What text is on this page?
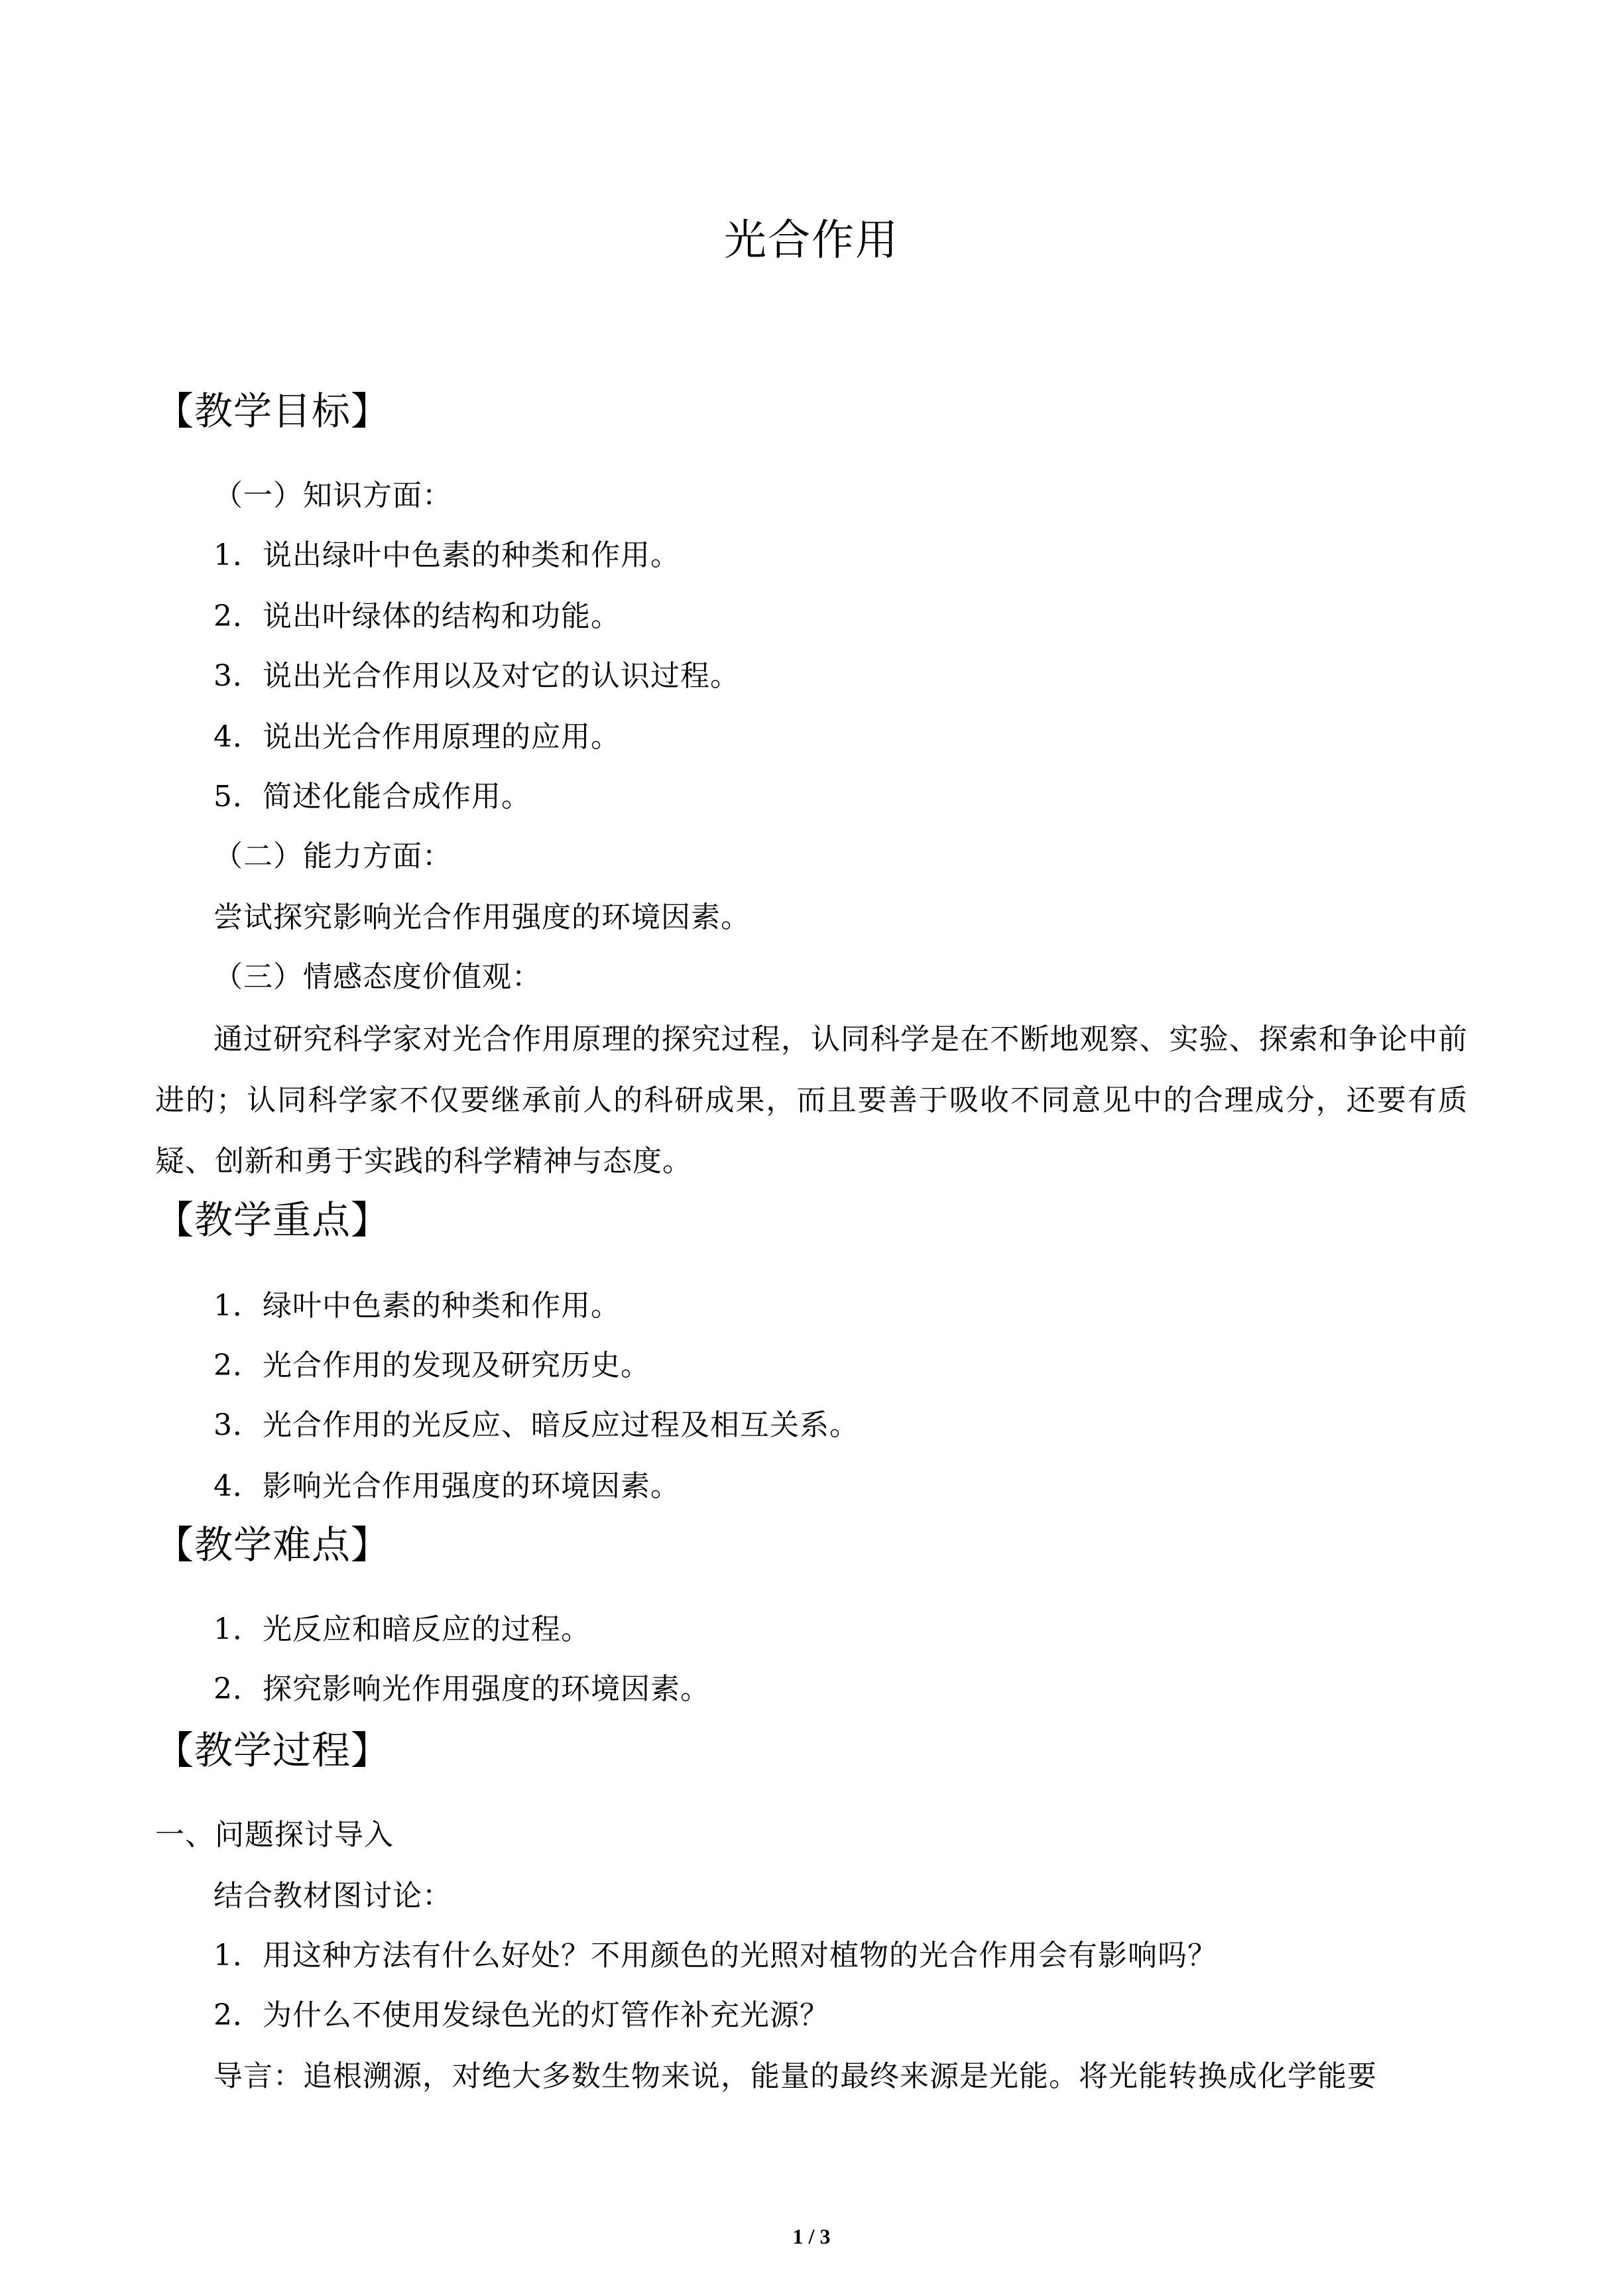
光合作用
【教学目标】
（一）知识方面：
1．说出绿叶中色素的种类和作用。
2．说出叶绿体的结构和功能。
3．说出光合作用以及对它的认识过程。
4．说出光合作用原理的应用。
5．简述化能合成作用。
（二）能力方面：
尝试探究影响光合作用强度的环境因素。
（三）情感态度价值观：
通过研究科学家对光合作用原理的探究过程，认同科学是在不断地观察、实验、探索和争论中前进的；认同科学家不仅要继承前人的科研成果，而且要善于吸收不同意见中的合理成分，还要有质疑、创新和勇于实践的科学精神与态度。
【教学重点】
1．绿叶中色素的种类和作用。
2．光合作用的发现及研究历史。
3．光合作用的光反应、暗反应过程及相互关系。
4．影响光合作用强度的环境因素。
【教学难点】
1．光反应和暗反应的过程。
2．探究影响光作用强度的环境因素。
【教学过程】
一、问题探讨导入
结合教材图讨论：
1．用这种方法有什么好处？不用颜色的光照对植物的光合作用会有影响吗？
2．为什么不使用发绿色光的灯管作补充光源？
导言：追根溯源，对绝大多数生物来说，能量的最终来源是光能。将光能转换成化学能要
1 / 3
